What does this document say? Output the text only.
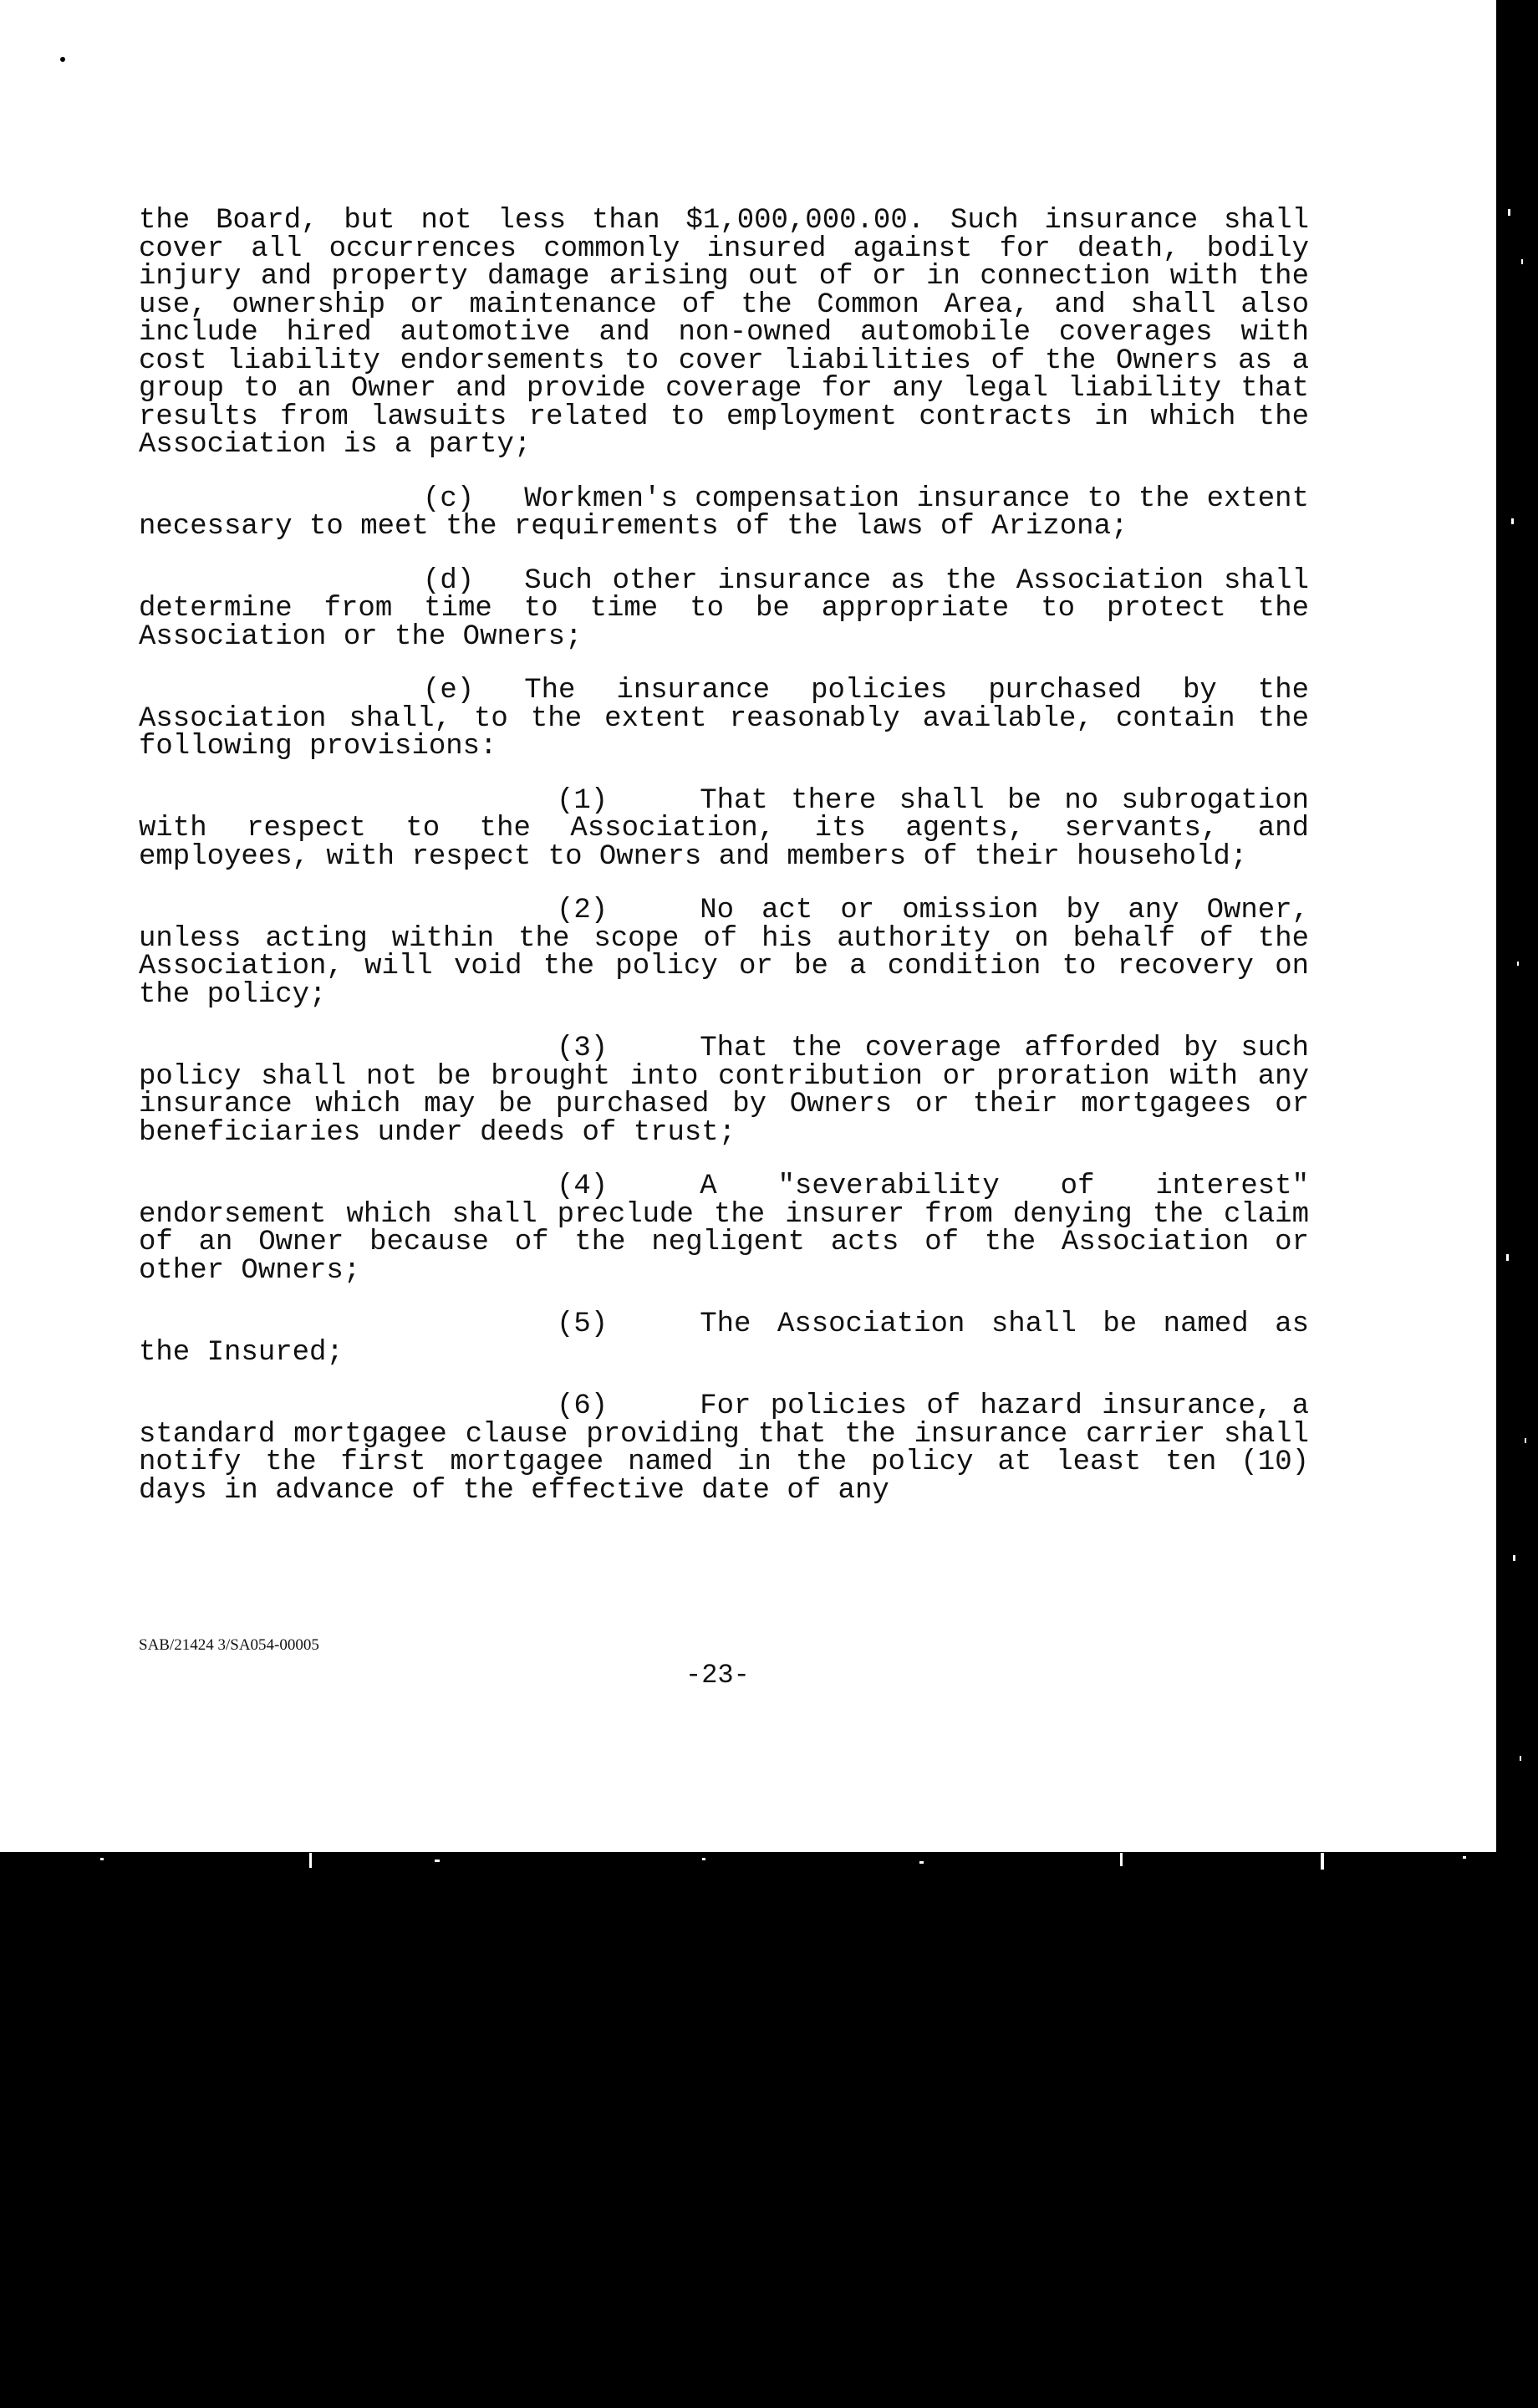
the Board, but not less than $1,000,000.00. Such insurance shall cover all occurrences commonly insured against for death, bodily injury and property damage arising out of or in connection with the use, ownership or maintenance of the Common Area, and shall also include hired automotive and non-owned automobile coverages with cost liability endorsements to cover liabilities of the Owners as a group to an Owner and provide coverage for any legal liability that results from lawsuits related to employment contracts in which the Association is a party;

(c) Workmen's compensation insurance to the extent necessary to meet the requirements of the laws of Arizona;

(d) Such other insurance as the Association shall determine from time to time to be appropriate to protect the Association or the Owners;

(e) The insurance policies purchased by the Association shall, to the extent reasonably available, contain the following provisions:

(1)	That there shall be no subrogation with respect to the Association, its agents, servants, and employees, with respect to Owners and members of their household;

(2)	No act or omission by any Owner, unless acting within the scope of his authority on behalf of the Association, will void the policy or be a condition to recovery on the policy;

(3)	That the coverage afforded by such policy shall not be brought into contribution or proration with any insurance which may be purchased by Owners or their mortgagees or beneficiaries under deeds of trust;

(4)	A "severability of interest" endorsement which shall preclude the insurer from denying the claim of an Owner because of the negligent acts of the Association or other Owners;

(5)	The Association shall be named as the Insured;

(6)	For policies of hazard insurance, a standard mortgagee clause providing that the insurance carrier shall notify the first mortgagee named in the policy at least ten (10) days in advance of the effective date of any

SAB/21424 3/SA054-00005
-23-
